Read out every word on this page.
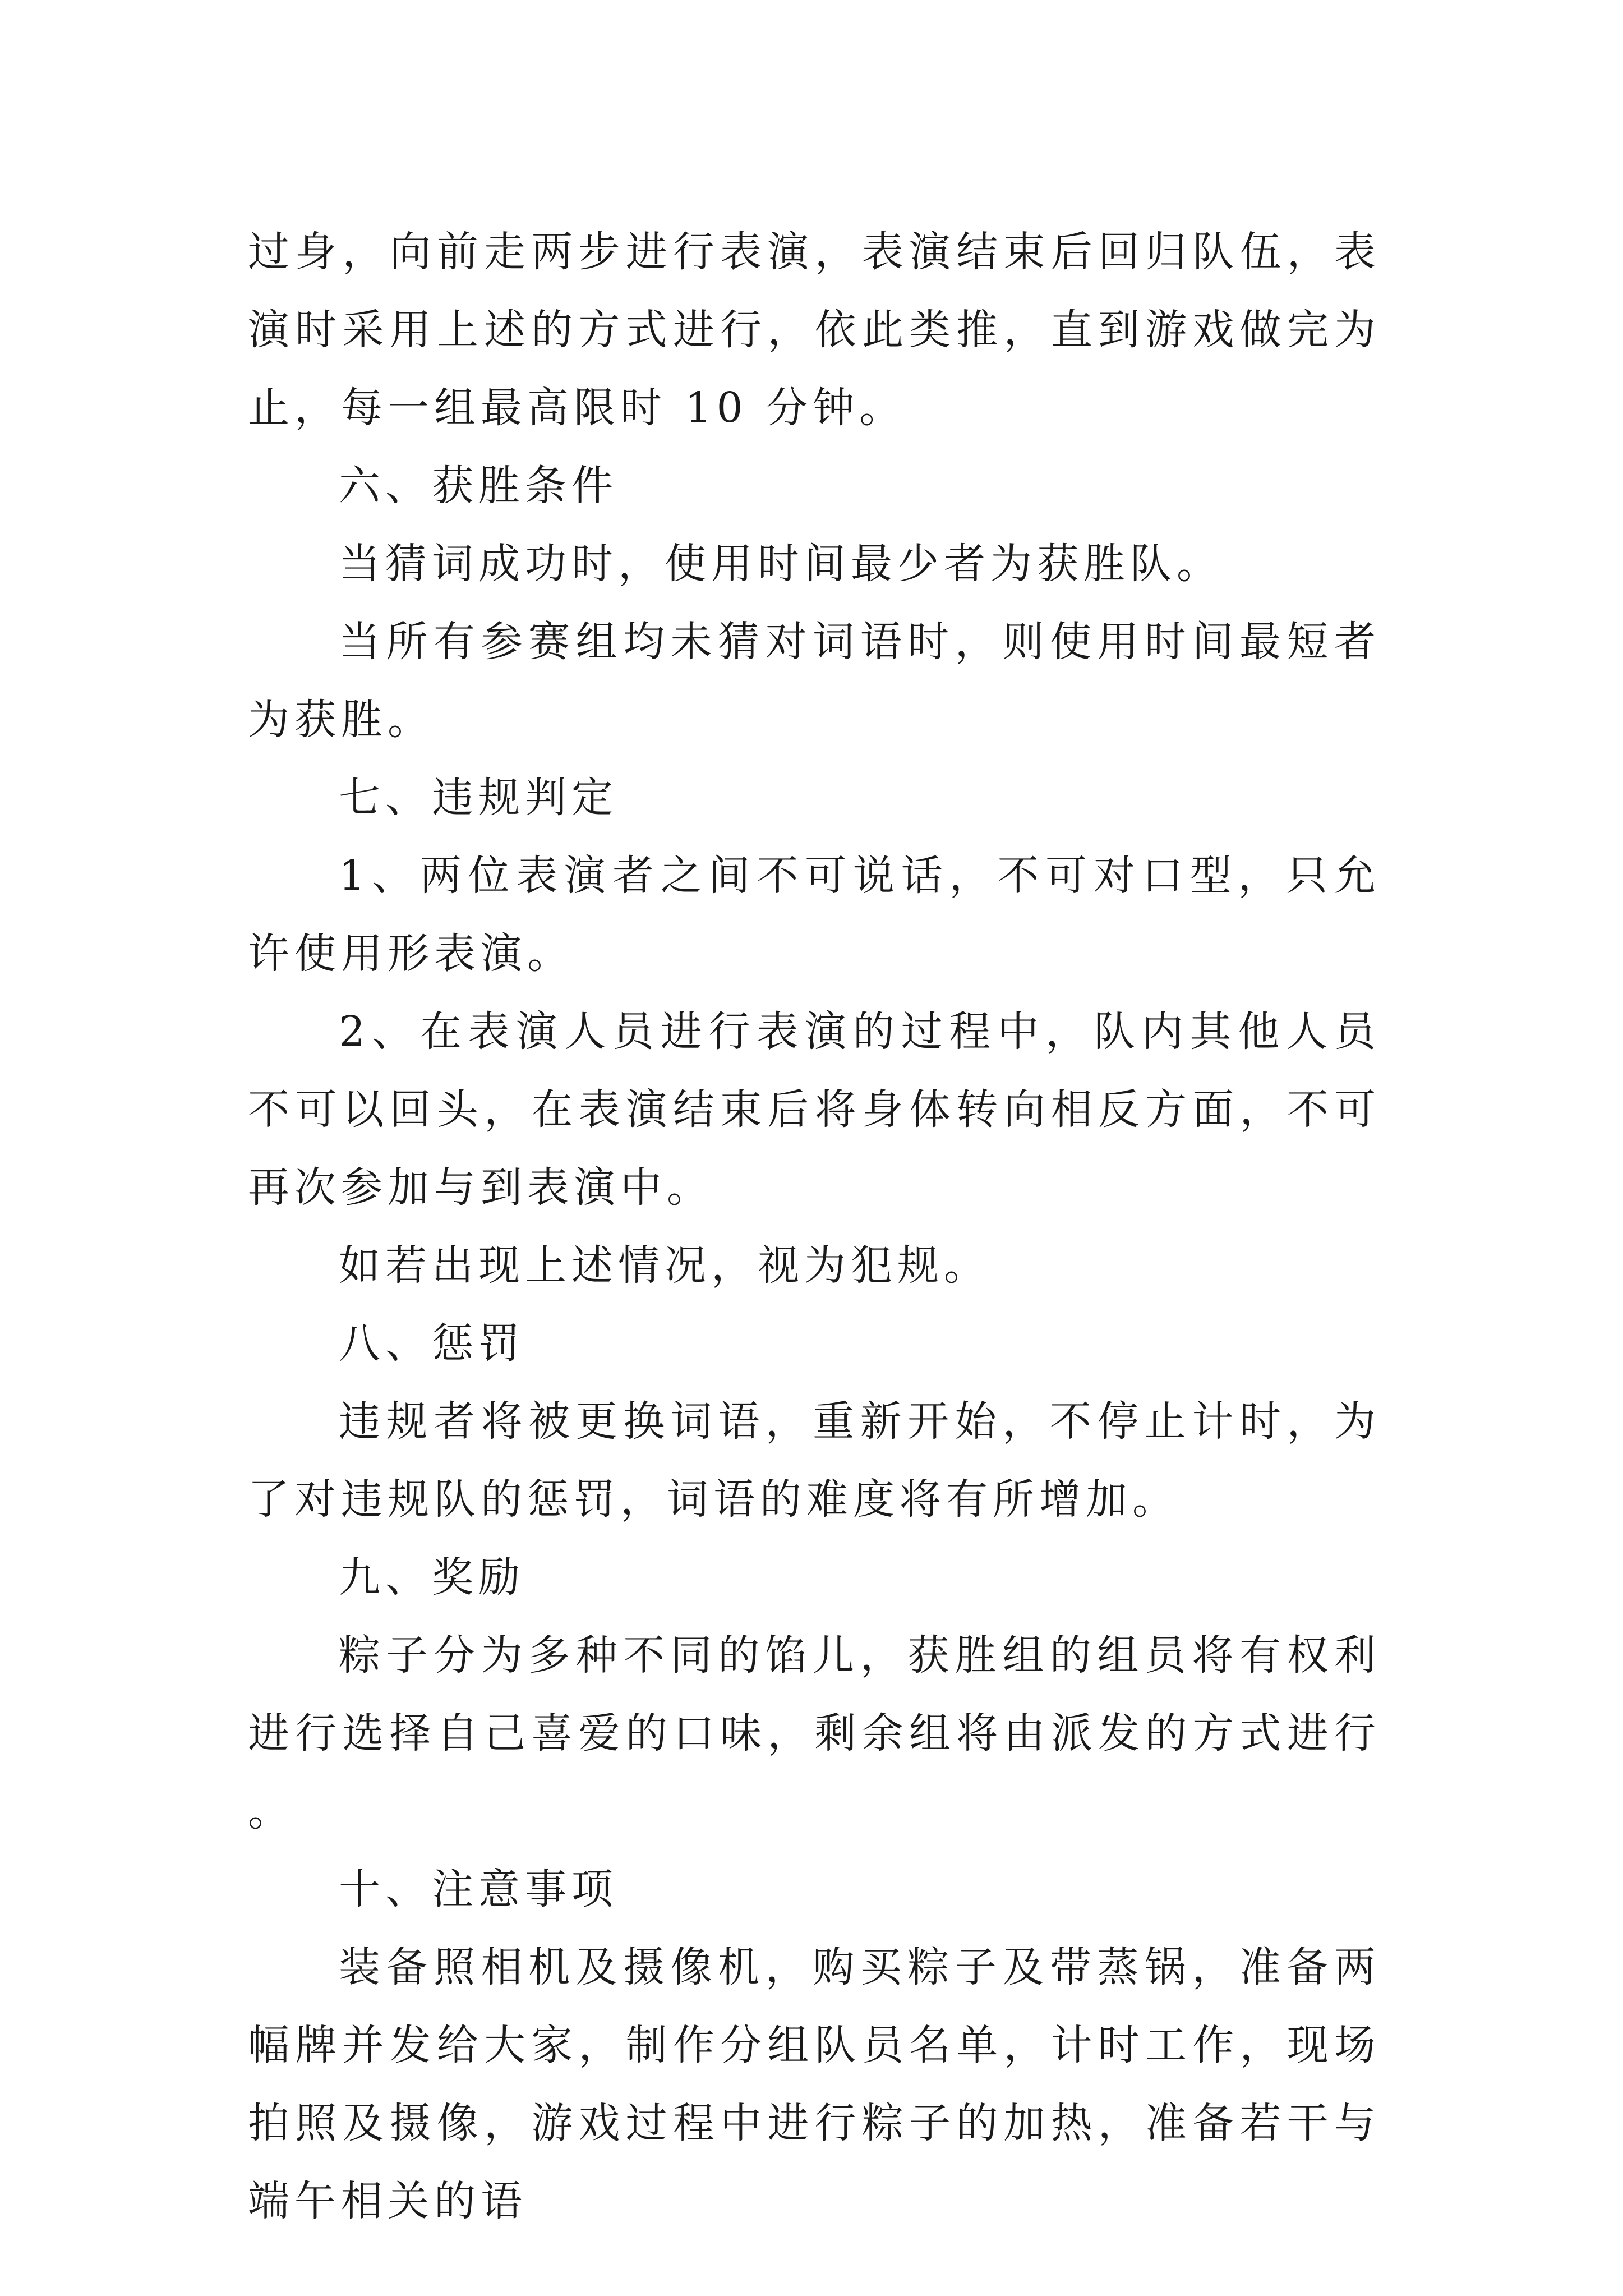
过身，向前走两步进行表演，表演结束后回归队伍，表演时采用上述的方式进行，依此类推，直到游戏做完为止，每一组最高限时 10 分钟。

六、获胜条件

当猜词成功时，使用时间最少者为获胜队。

当所有参赛组均未猜对词语时，则使用时间最短者为获胜。

七、违规判定

1、两位表演者之间不可说话，不可对口型，只允许使用形表演。

2、在表演人员进行表演的过程中，队内其他人员不可以回头，在表演结束后将身体转向相反方面，不可再次参加与到表演中。

如若出现上述情况，视为犯规。

八、惩罚

违规者将被更换词语，重新开始，不停止计时，为了对违规队的惩罚，词语的难度将有所增加。

九、奖励

粽子分为多种不同的馅儿，获胜组的组员将有权利进行选择自己喜爱的口味，剩余组将由派发的方式进行。

十、注意事项

装备照相机及摄像机，购买粽子及带蒸锅，准备两幅牌并发给大家，制作分组队员名单，计时工作，现场拍照及摄像，游戏过程中进行粽子的加热，准备若干与端午相关的语
